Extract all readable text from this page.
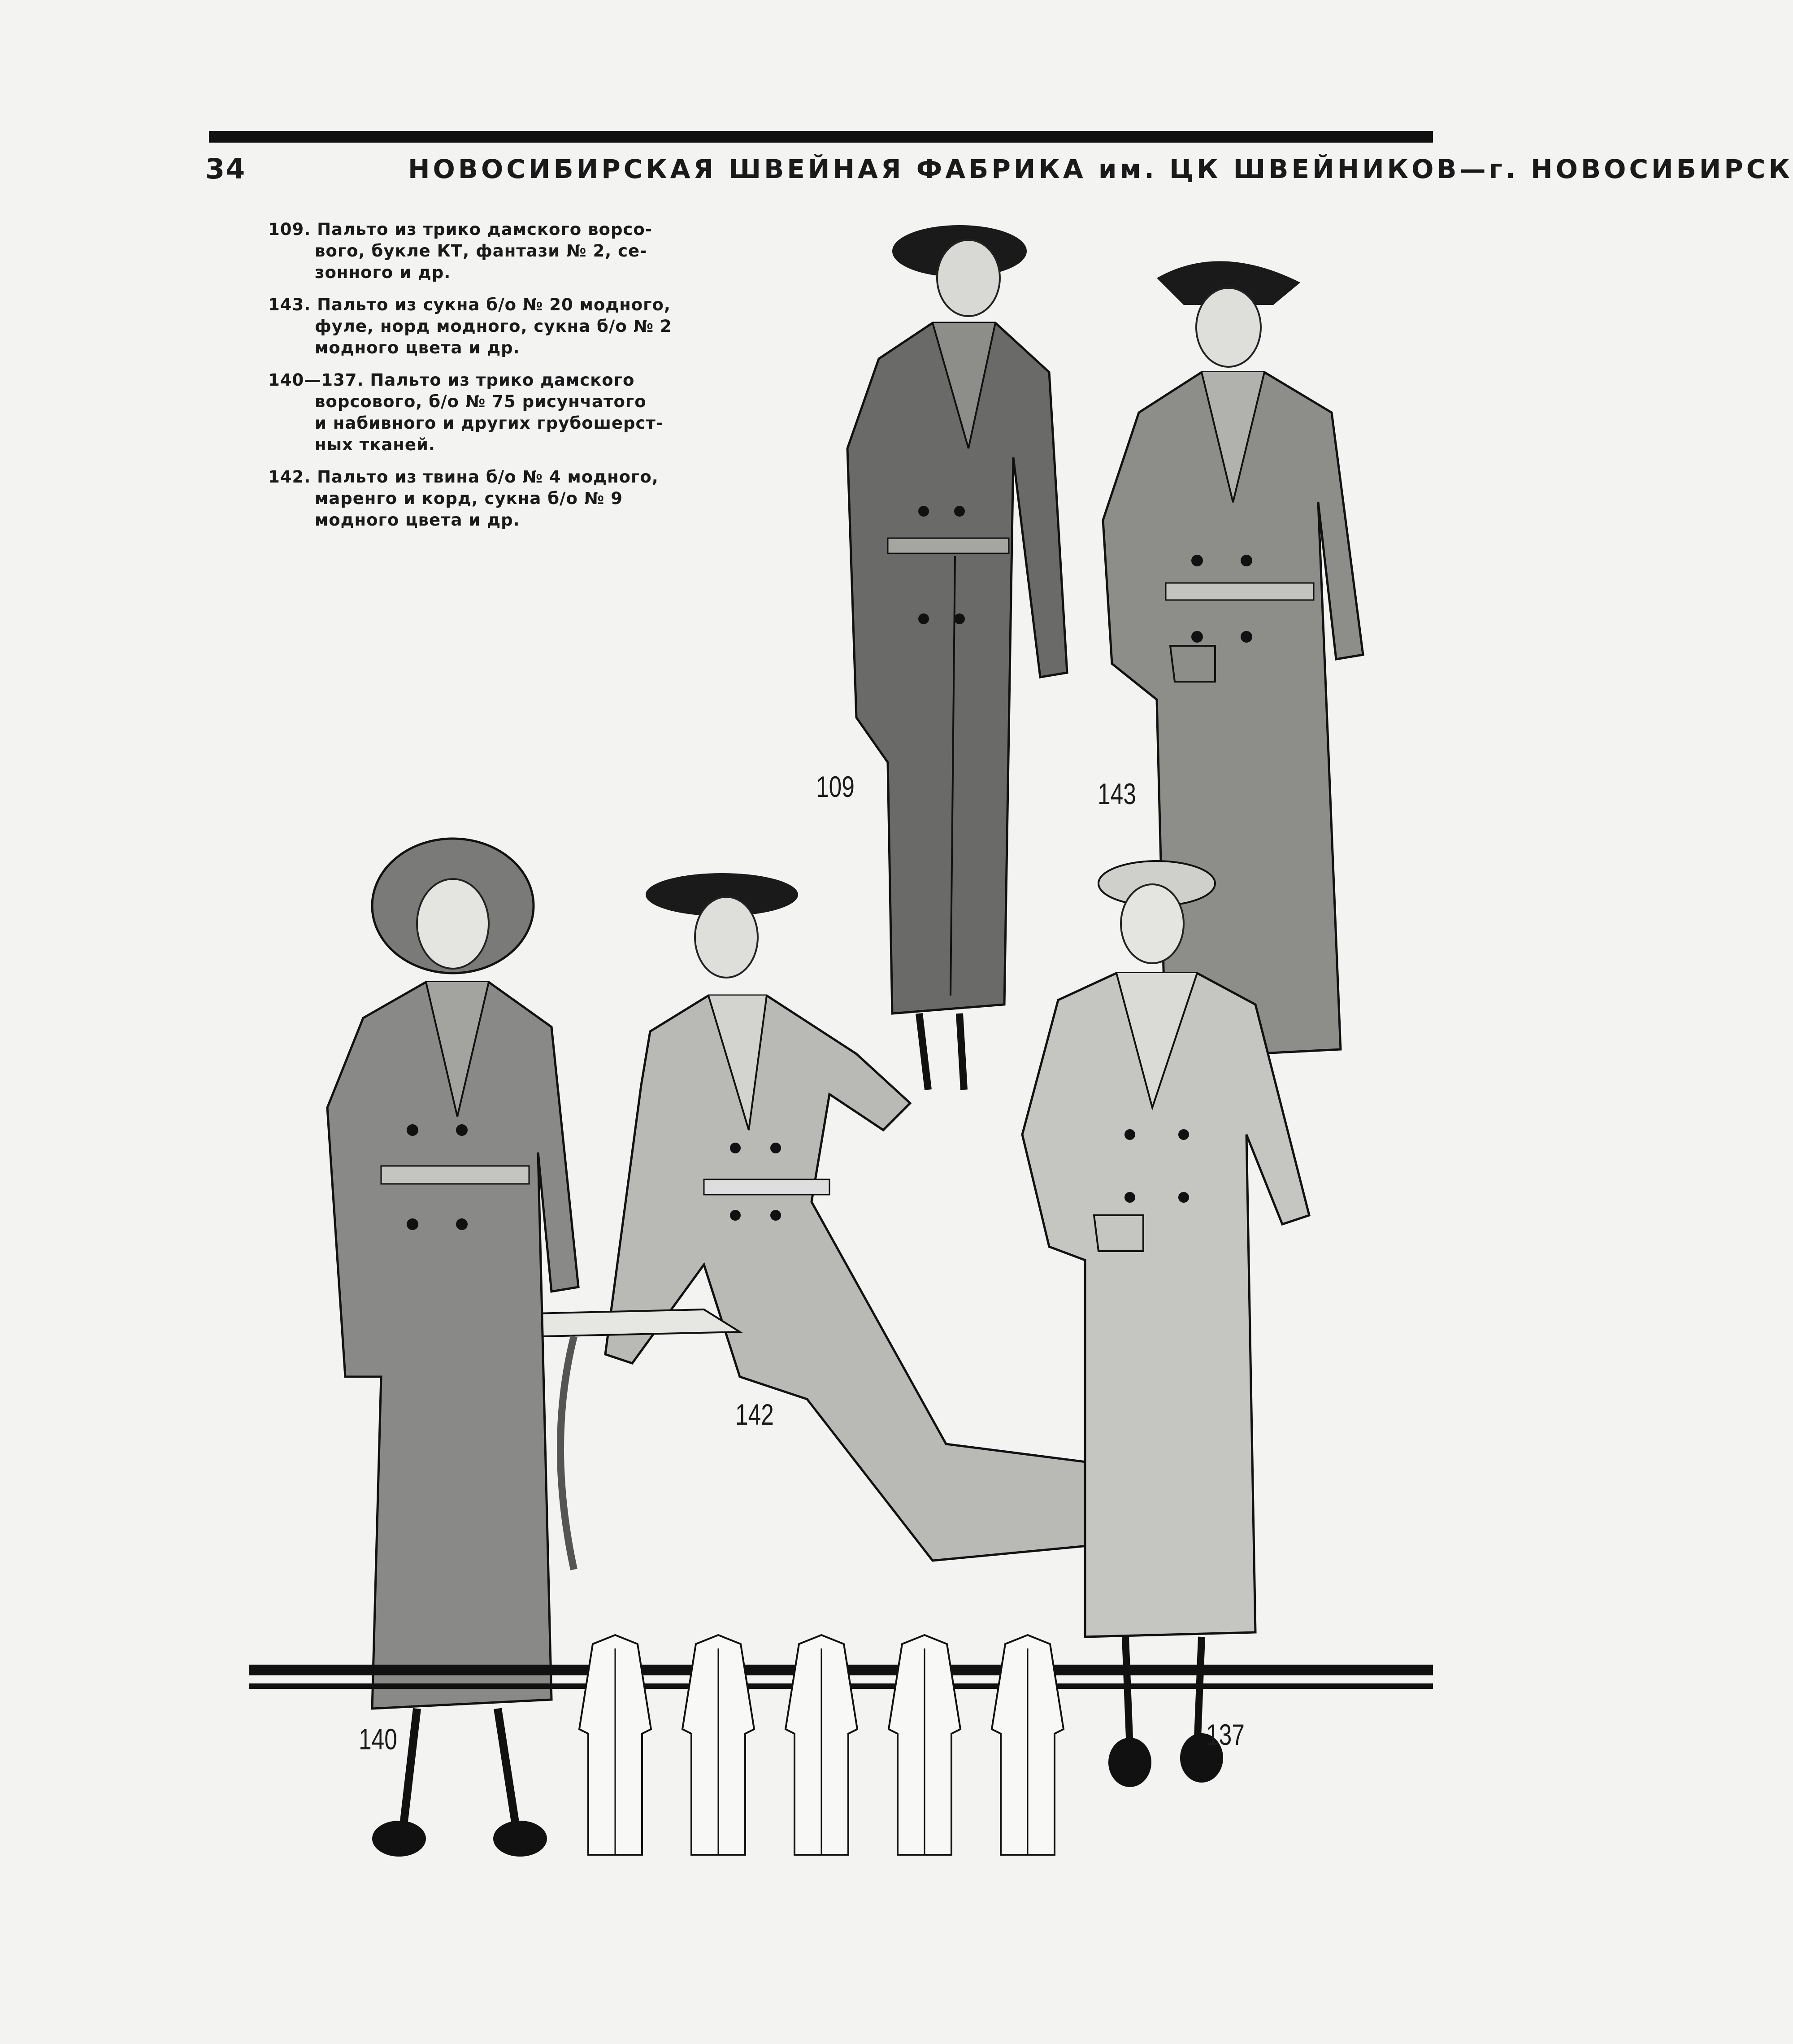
34	НОВОСИБИРСКАЯ ШВЕЙНАЯ ФАБРИКА им. ЦК ШВЕЙНИКОВ—г. НОВОСИБИРСК
109. Пальто из трико дамского ворсо-
вого, букле КТ, фантази № 2, се-
зонного и др.
143. Пальто из сукна б/о № 20 модного,
фуле, норд модного, сукна б/о № 2
модного цвета и др.
140—137. Пальто из трико дамского
ворсового, б/о № 75 рисунчатого
и набивного и других грубошерст-
ных тканей.
142. Пальто из твина б/о № 4 модного,
маренго и корд, сукна б/о № 9
модного цвета и др.
109	143
142
140	137
